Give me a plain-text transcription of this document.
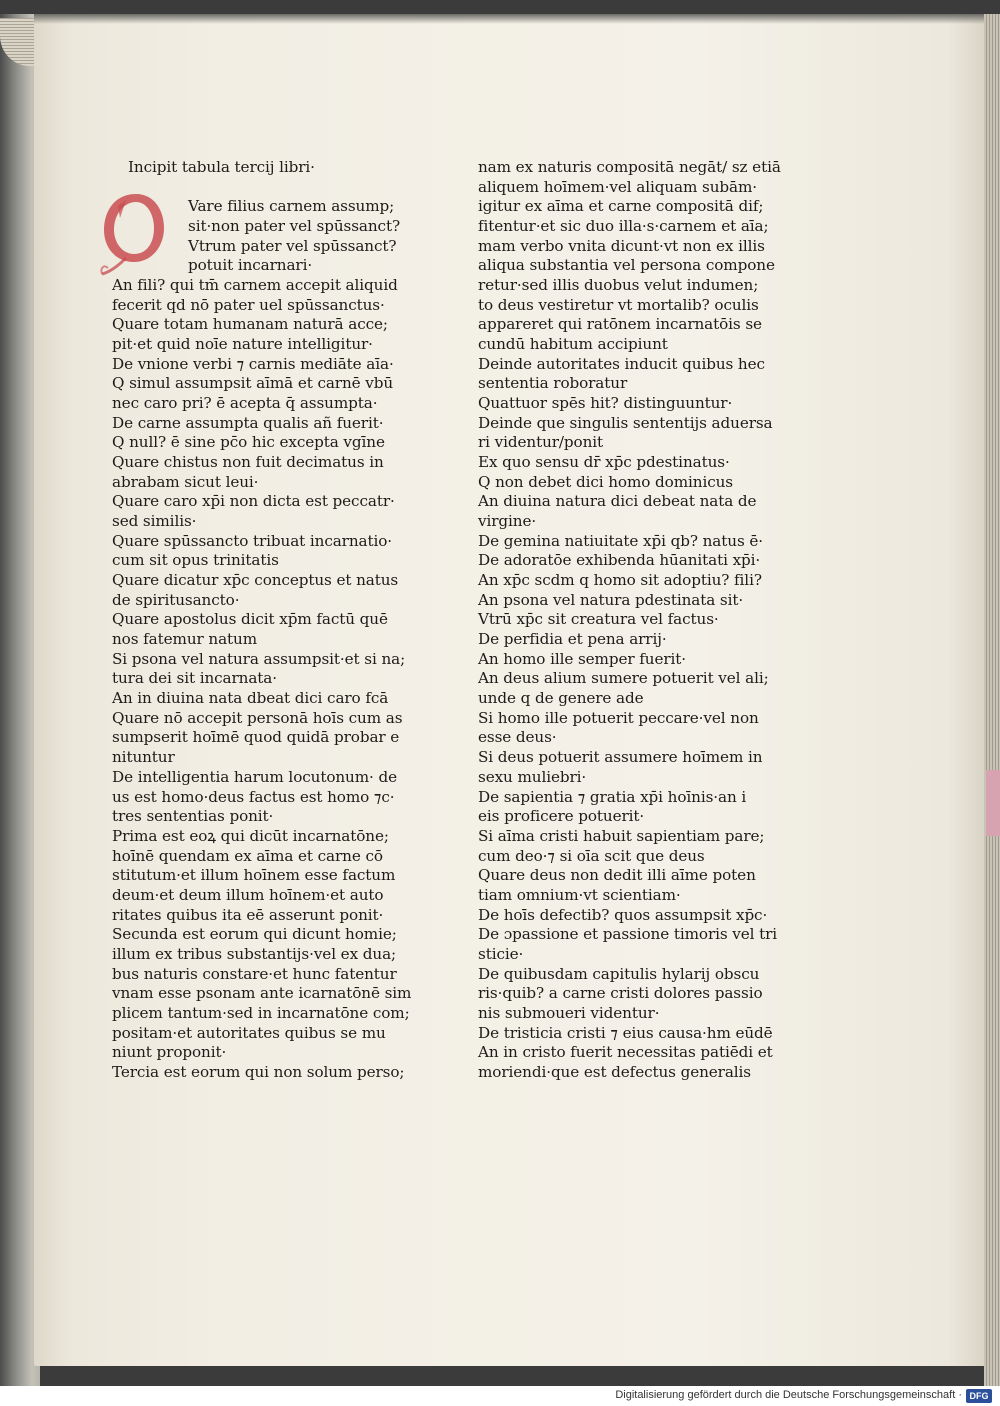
Incipit tabula tercij libri·
Vare filius carnem assump;
sit·non pater vel spūssanct?
Vtrum pater vel spūssanct?
potuit incarnari·
An fili? qui tm̄ carnem accepit aliquid
fecerit qd nō pater uel spūssanctus·
Quare totam humanam naturā acce;
pit·et quid noīe nature intelligitur·
De vnione verbi ⁊ carnis mediāte aīa·
Q simul assumpsit aīmā et carnē vbū
nec caro pri? ē acepta q̄ assumpta·
De carne assumpta qualis añ fuerit·
Q null? ē sine pc̄o hic excepta vgīne
Quare chistus non fuit decimatus in
abrabam sicut leui·
Quare caro xp̄i non dicta est peccatr·
sed similis·
Quare spūssancto tribuat incarnatio·
cum sit opus trinitatis
Quare dicatur xp̄c conceptus et natus
de spiritusancto·
Quare apostolus dicit xp̄m factū quē
nos fatemur natum
Si psona vel natura assumpsit·et si na;
tura dei sit incarnata·
An in diuina nata dbeat dici caro fcā
Quare nō accepit personā hoīs cum as
sumpserit hoīmē quod quidā probar e
nituntur
De intelligentia harum locutonum· de
us est homo·deus factus est homo ⁊c·
tres sententias ponit·
Prima est eoꝝ qui dicūt incarnatōne;
hoīnē quendam ex aīma et carne cō
stitutum·et illum hoīnem esse factum
deum·et deum illum hoīnem·et auto
ritates quibus ita eē asserunt ponit·
Secunda est eorum qui dicunt homie;
illum ex tribus substantijs·vel ex dua;
bus naturis constare·et hunc fatentur
vnam esse psonam ante icarnatōnē sim
plicem tantum·sed in incarnatōne com;
positam·et autoritates quibus se mu
niunt proponit·
Tercia est eorum qui non solum perso;
nam ex naturis compositā negāt/ sz etiā
aliquem hoīmem·vel aliquam subām·
igitur ex aīma et carne compositā dif;
fitentur·et sic duo illa·s·carnem et aīa;
mam verbo vnita dicunt·vt non ex illis
aliqua substantia vel persona compone
retur·sed illis duobus velut indumen;
to deus vestiretur vt mortalib? oculis
appareret qui ratōnem incarnatōis se
cundū habitum accipiunt
Deinde autoritates inducit quibus hec
sententia roboratur
Quattuor spēs hit? distinguuntur·
Deinde que singulis sententijs aduersa
ri videntur/ponit
Ex quo sensu dr̄ xp̄c pdestinatus·
Q non debet dici homo dominicus
An diuina natura dici debeat nata de
virgine·
De gemina natiuitate xp̄i qb? natus ē·
De adoratōe exhibenda hūanitati xp̄i·
An xp̄c scdm q homo sit adoptiu? fili?
An psona vel natura pdestinata sit·
Vtrū xp̄c sit creatura vel factus·
De perfidia et pena arrij·
An homo ille semper fuerit·
An deus alium sumere potuerit vel ali;
unde q de genere ade
Si homo ille potuerit peccare·vel non
esse deus·
Si deus potuerit assumere hoīmem in
sexu muliebri·
De sapientia ⁊ gratia xp̄i hoīnis·an i
eis proficere potuerit·
Si aīma cristi habuit sapientiam pare;
cum deo·⁊ si oīa scit que deus
Quare deus non dedit illi aīme poten
tiam omnium·vt scientiam·
De hoīs defectib? quos assumpsit xp̄c·
De ɔpassione et passione timoris vel tri
sticie·
De quibusdam capitulis hylarij obscu
ris·quib? a carne cristi dolores passio
nis submoueri videntur·
De tristicia cristi ⁊ eius causa·hm eūdē
An in cristo fuerit necessitas patiēdi et
moriendi·que est defectus generalis
Digitalisierung gefördert durch die Deutsche Forschungsgemeinschaft · DFG
